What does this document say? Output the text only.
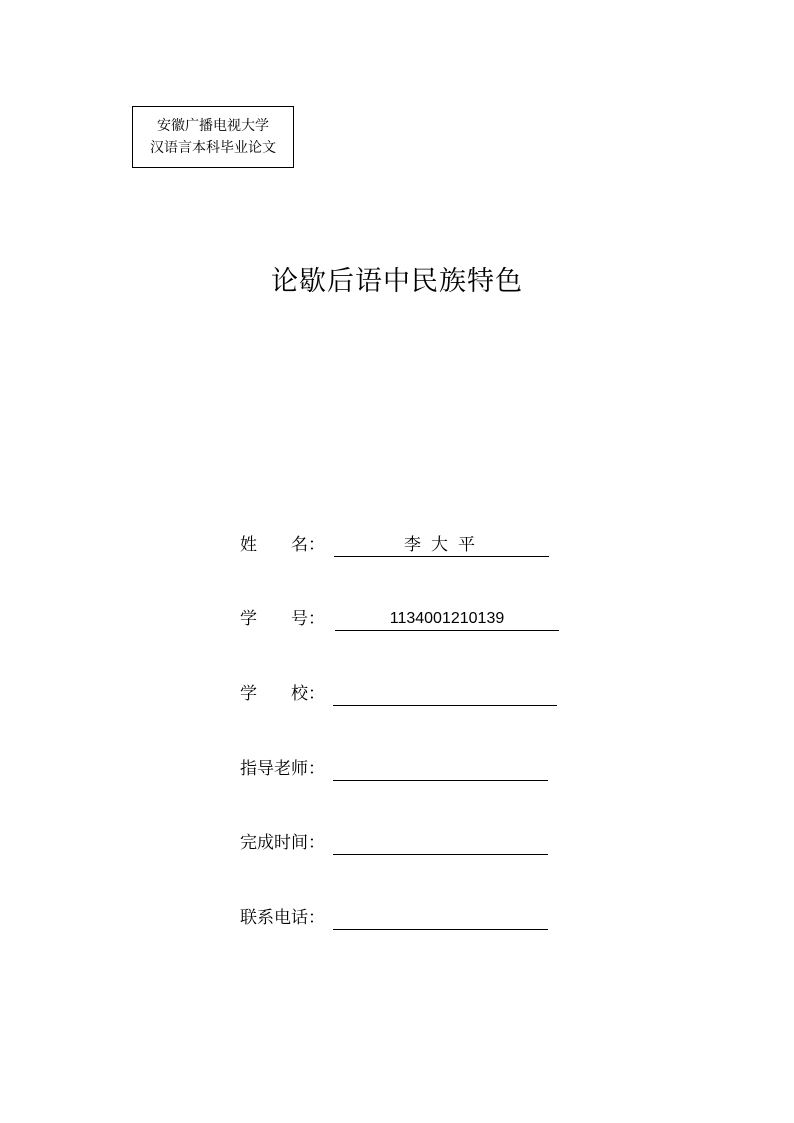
安徽广播电视大学
汉语言本科毕业论文
论歇后语中民族特色
姓　　名：	李大平
学　　号：	1134001210139
学　　校：
指导老师：
完成时间：
联系电话：
